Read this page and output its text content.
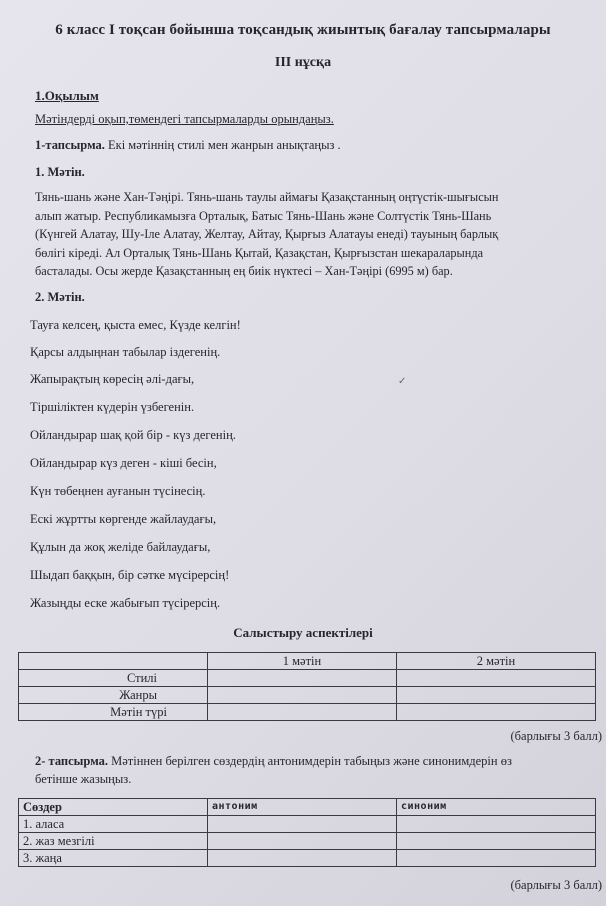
6 класс I тоқсан бойынша тоқсандық жиынтық бағалау тапсырмалары
ІІІ нұсқа
1.Оқылым
Мәтіндерді оқып,төмендегі тапсырмаларды орындаңыз.
1-тапсырма. Екі мәтіннің стилі мен жанрын анықтаңыз .
1. Мәтін.
Тянь-шань және Хан-Тәңірі. Тянь-шань таулы аймағы Қазақстанның оңтүстік-шығысын
алып жатыр. Республикамызға Орталық, Батыс Тянь-Шань және Солтүстік Тянь-Шань
(Күнгей Алатау, Шу-Іле Алатау, Желтау, Айтау, Қырғыз Алатауы енеді) тауының барлық
бөлігі кіреді. Ал Орталық Тянь-Шань Қытай, Қазақстан, Қырғызстан шекараларында
басталады. Осы жерде Қазақстанның ең биік нүктесі – Хан-Тәңірі (6995 м) бар.
2. Мәтін.
Тауға келсең, қыста емес, Күзде келгін!
Қарсы алдыңнан табылар іздегенің.
Жапырақтың көресің әлі-дағы,	✓
Тіршіліктен күдерін үзбегенін.
Ойландырар шақ қой бір - күз дегенің.
Ойландырар күз деген - кіші бесін,
Күн төбеңнен ауғанын түсінесің.
Ескі жұртты көргенде жайлаудағы,
Құлын да жоқ желіде байлаудағы,
Шыдап баққын, бір сәтке мүсірерсің!
Жазыңды еске жабығып түсірерсің.
Салыстыру аспектілері
	1 мәтін	2 мәтін
Стилі		
Жанры		
Мәтін түрі		
(барлығы 3 балл)
2- тапсырма. Мәтіннен берілген сөздердің антонимдерін табыңыз және синонимдерін өз
бетінше жазыңыз.
Сөздер	антоним	синоним
1. аласа		
2. жаз мезгілі		
3. жаңа		
(барлығы 3 балл)
